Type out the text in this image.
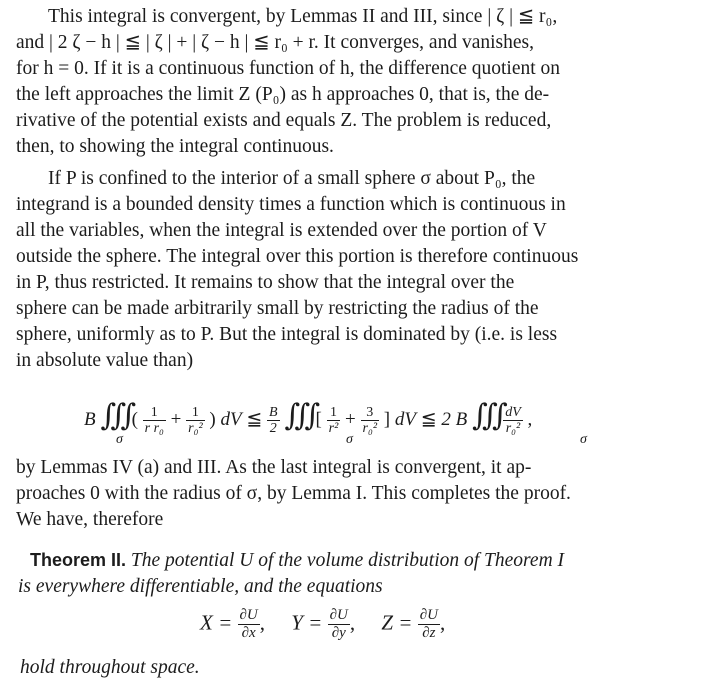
This integral is convergent, by Lemmas II and III, since | ζ | ≦ r₀,
and | 2 ζ − h | ≦ | ζ | + | ζ − h | ≦ r₀ + r. It converges, and vanishes,
for h = 0. If it is a continuous function of h, the difference quotient on
the left approaches the limit Z (P₀) as h approaches 0, that is, the de-
rivative of the potential exists and equals Z. The problem is reduced,
then, to showing the integral continuous.
If P is confined to the interior of a small sphere σ about P₀, the
integrand is a bounded density times a function which is continuous in
all the variables, when the integral is extended over the portion of V
outside the sphere. The integral over this portion is therefore continuous
in P, thus restricted. It remains to show that the integral over the
sphere can be made arbitrarily small by restricting the radius of the
sphere, uniformly as to P. But the integral is dominated by (i.e. is less
in absolute value than)
B ∭ ( $\frac{1}{\text{r r₀}} + \frac{1}{\text{r₀²}}$ ) dV ≦ $\frac{B}{2}$ ∭ [ $\frac{1}{\text{r²}} + \frac{3}{\text{r₀²}}$ ] dV ≦ 2 B ∭ $\frac{dV}{\text{r₀²}}$ ,
σ	σ	σ
by Lemmas IV (a) and III. As the last integral is convergent, it ap-
proaches 0 with the radius of σ, by Lemma I. This completes the proof.
We have, therefore
Theorem II. The potential U of the volume distribution of Theorem I
is everywhere differentiable, and the equations
$X = \frac{\partial U}{\partial x}$ , $Y = \frac{\partial U}{\partial y}$ , $Z = \frac{\partial U}{\partial z}$ ,
hold throughout space.
